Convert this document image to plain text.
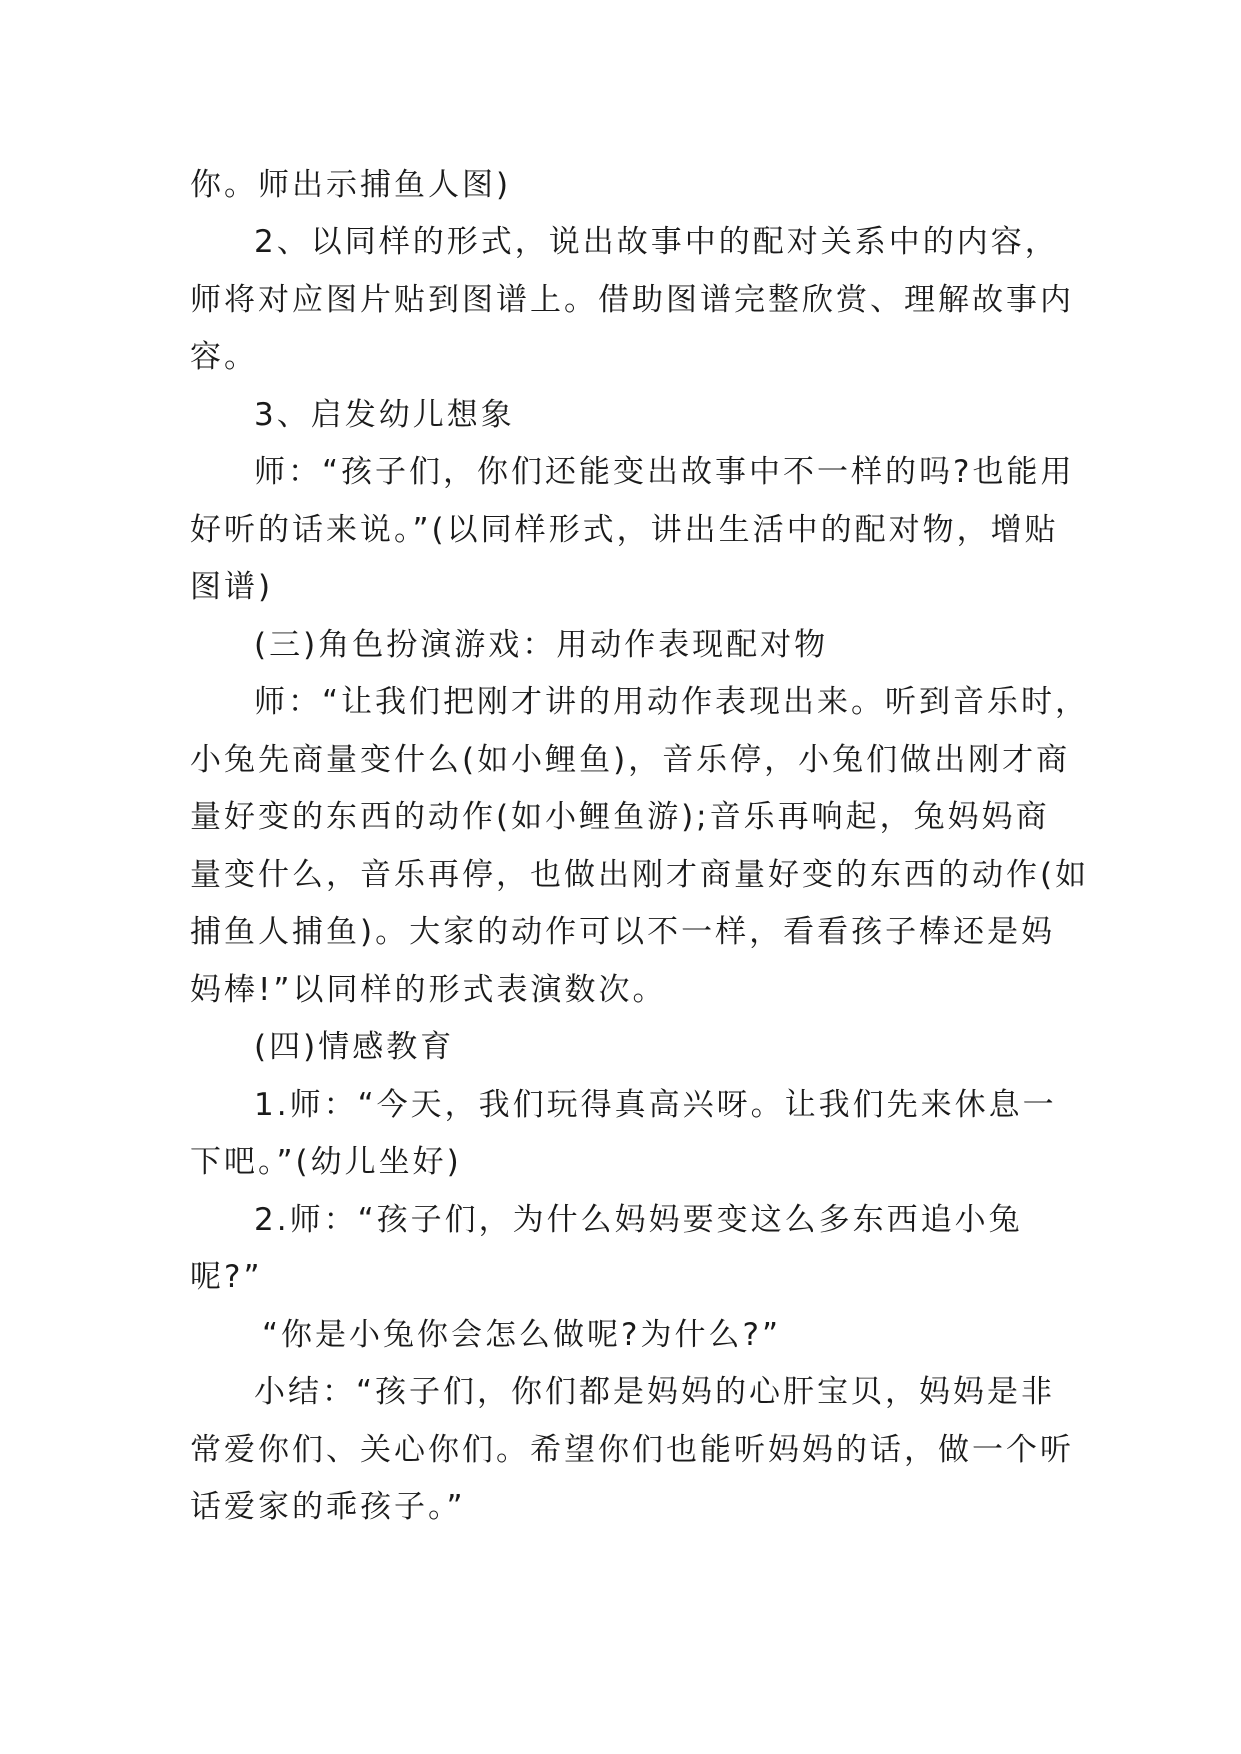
你。师出示捕鱼人图)
2、以同样的形式，说出故事中的配对关系中的内容，
师将对应图片贴到图谱上。借助图谱完整欣赏、理解故事内
容。
3、启发幼儿想象
师：“孩子们，你们还能变出故事中不一样的吗?也能用
好听的话来说。”(以同样形式，讲出生活中的配对物，增贴
图谱)
(三)角色扮演游戏：用动作表现配对物
师：“让我们把刚才讲的用动作表现出来。听到音乐时，
小兔先商量变什么(如小鲤鱼)，音乐停，小兔们做出刚才商
量好变的东西的动作(如小鲤鱼游);音乐再响起，兔妈妈商
量变什么，音乐再停，也做出刚才商量好变的东西的动作(如
捕鱼人捕鱼)。大家的动作可以不一样，看看孩子棒还是妈
妈棒!”以同样的形式表演数次。
(四)情感教育
1.师：“今天，我们玩得真高兴呀。让我们先来休息一
下吧。”(幼儿坐好)
2.师：“孩子们，为什么妈妈要变这么多东西追小兔
呢?”
“你是小兔你会怎么做呢?为什么?”
小结：“孩子们，你们都是妈妈的心肝宝贝，妈妈是非
常爱你们、关心你们。希望你们也能听妈妈的话，做一个听
话爱家的乖孩子。”
